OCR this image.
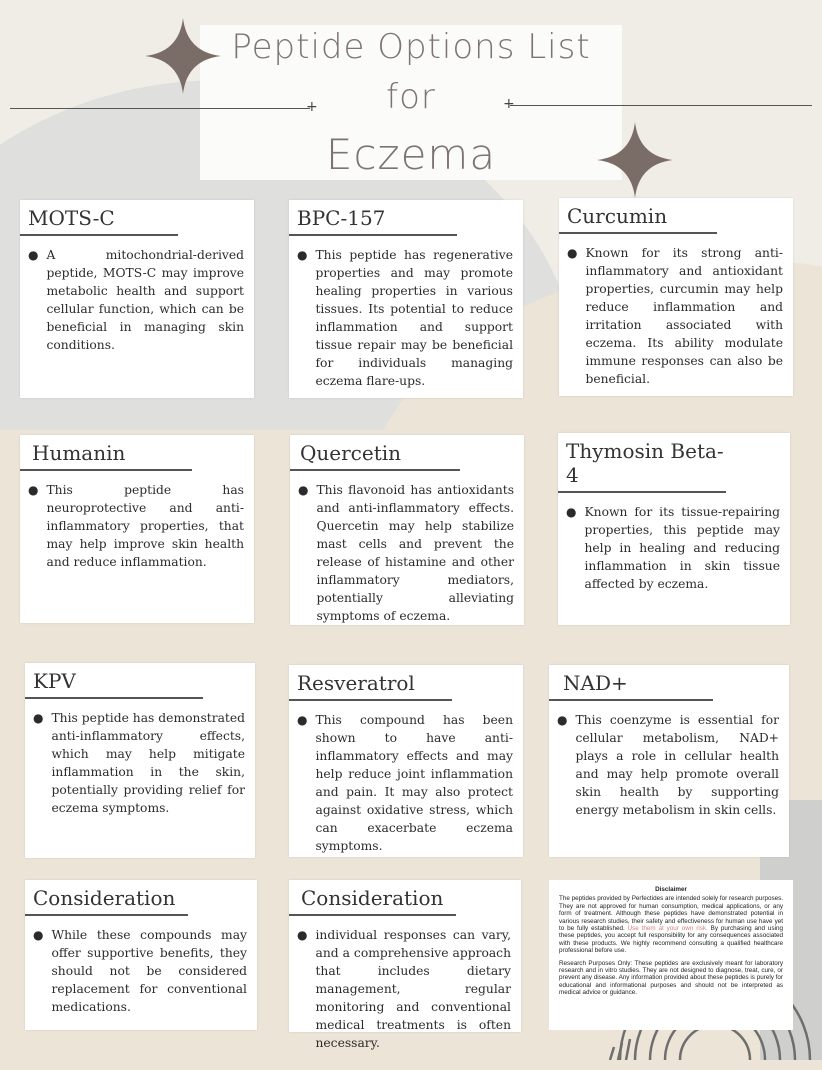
Peptide Options List
for
Eczema
+	+
MOTS-C
● A mitochondrial-derived peptide, MOTS-C may improve metabolic health and support cellular function, which can be beneficial in managing skin conditions.
BPC-157
● This peptide has regenerative properties and may promote healing properties in various tissues. Its potential to reduce inflammation and support tissue repair may be beneficial for individuals managing eczema flare-ups.
Curcumin
● Known for its strong anti-inflammatory and antioxidant properties, curcumin may help reduce inflammation and irritation associated with eczema. Its ability modulate immune responses can also be beneficial.
Humanin
● This peptide has neuroprotective and anti-inflammatory properties, that may help improve skin health and reduce inflammation.
Quercetin
● This flavonoid has antioxidants and anti-inflammatory effects. Quercetin may help stabilize mast cells and prevent the release of histamine and other inflammatory mediators, potentially alleviating symptoms of eczema.
Thymosin Beta-4
● Known for its tissue-repairing properties, this peptide may help in healing and reducing inflammation in skin tissue affected by eczema.
KPV
● This peptide has demonstrated anti-inflammatory effects, which may help mitigate inflammation in the skin, potentially providing relief for eczema symptoms.
Resveratrol
● This compound has been shown to have anti-inflammatory effects and may help reduce joint inflammation and pain. It may also protect against oxidative stress, which can exacerbate eczema symptoms.
NAD+
● This coenzyme is essential for cellular metabolism, NAD+ plays a role in cellular health and may help promote overall skin health by supporting energy metabolism in skin cells.
Consideration
● While these compounds may offer supportive benefits, they should not be considered replacement for conventional medications.
Consideration
● individual responses can vary, and a comprehensive approach that includes dietary management, regular monitoring and conventional medical treatments is often necessary.
Disclaimer

The peptides provided by Perfectides are intended solely for research purposes. They are not approved for human consumption, medical applications, or any form of treatment. Although these peptides have demonstrated potential in various research studies, their safety and effectiveness for human use have yet to be fully established. Use them at your own risk. By purchasing and using these peptides, you accept full responsibility for any consequences associated with these products. We highly recommend consulting a qualified healthcare professional before use.

Research Purposes Only: These peptides are exclusively meant for laboratory research and in vitro studies. They are not designed to diagnose, treat, cure, or prevent any disease. Any information provided about these peptides is purely for educational and informational purposes and should not be interpreted as medical advice or guidance.
